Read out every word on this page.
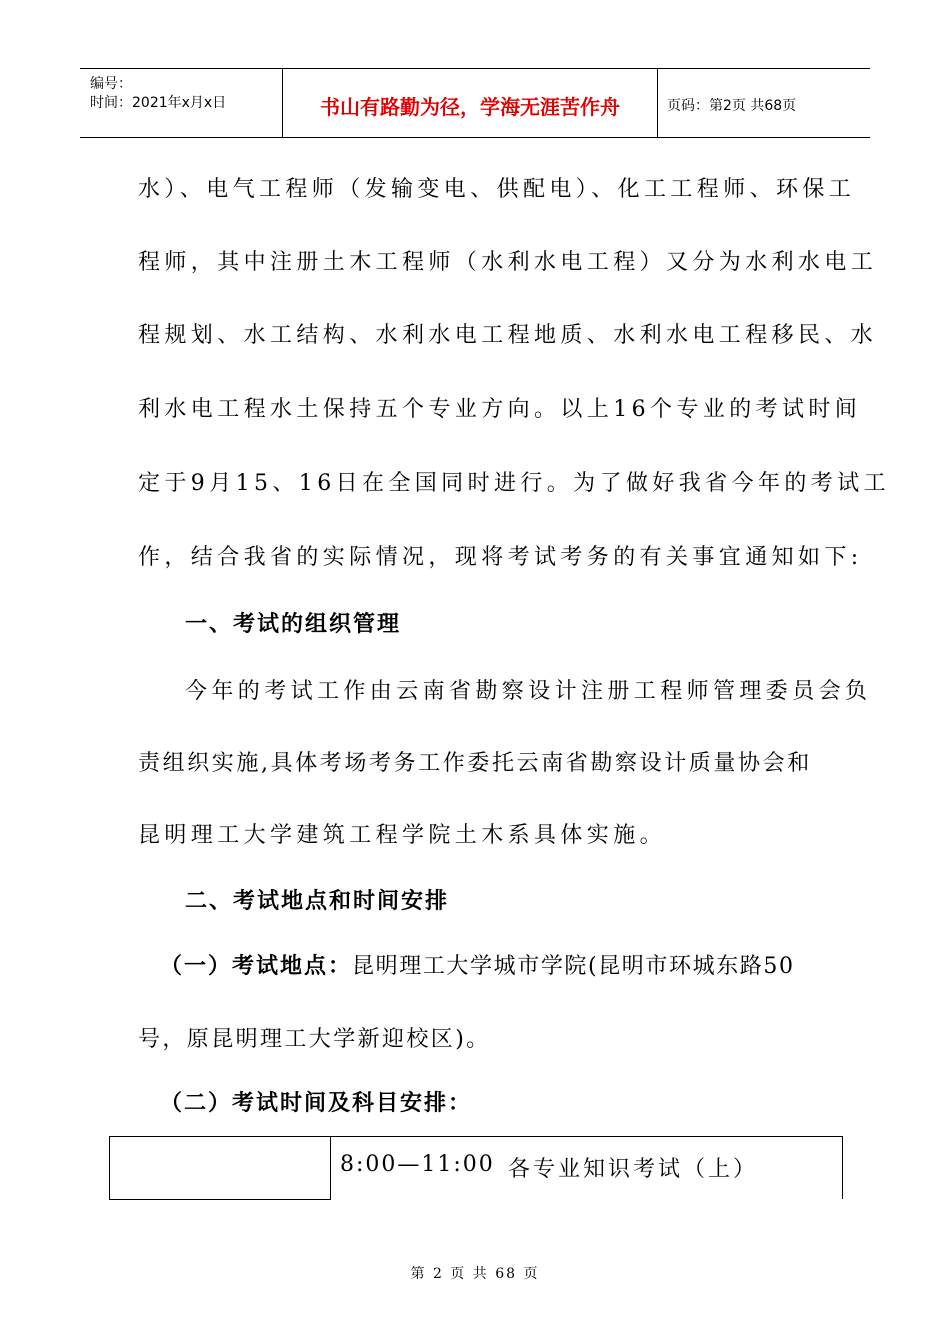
编号：
时间：2021年x月x日	书山有路勤为径，学海无涯苦作舟	页码：第2页 共68页
水）、电气工程师（发输变电、供配电）、化工工程师、环保工
程师，其中注册土木工程师（水利水电工程）又分为水利水电工
程规划、水工结构、水利水电工程地质、水利水电工程移民、水
利水电工程水土保持五个专业方向。以上16个专业的考试时间
定于9月15、16日在全国同时进行。为了做好我省今年的考试工
作，结合我省的实际情况，现将考试考务的有关事宜通知如下:
一、考试的组织管理
今年的考试工作由云南省勘察设计注册工程师管理委员会负
责组织实施,具体考场考务工作委托云南省勘察设计质量协会和
昆明理工大学建筑工程学院土木系具体实施。
二、考试地点和时间安排
（一）考试地点：昆明理工大学城市学院(昆明市环城东路50
号，原昆明理工大学新迎校区)。
（二）考试时间及科目安排：
8:00—11:00 各专业知识考试（上）
第 2 页 共 68 页
